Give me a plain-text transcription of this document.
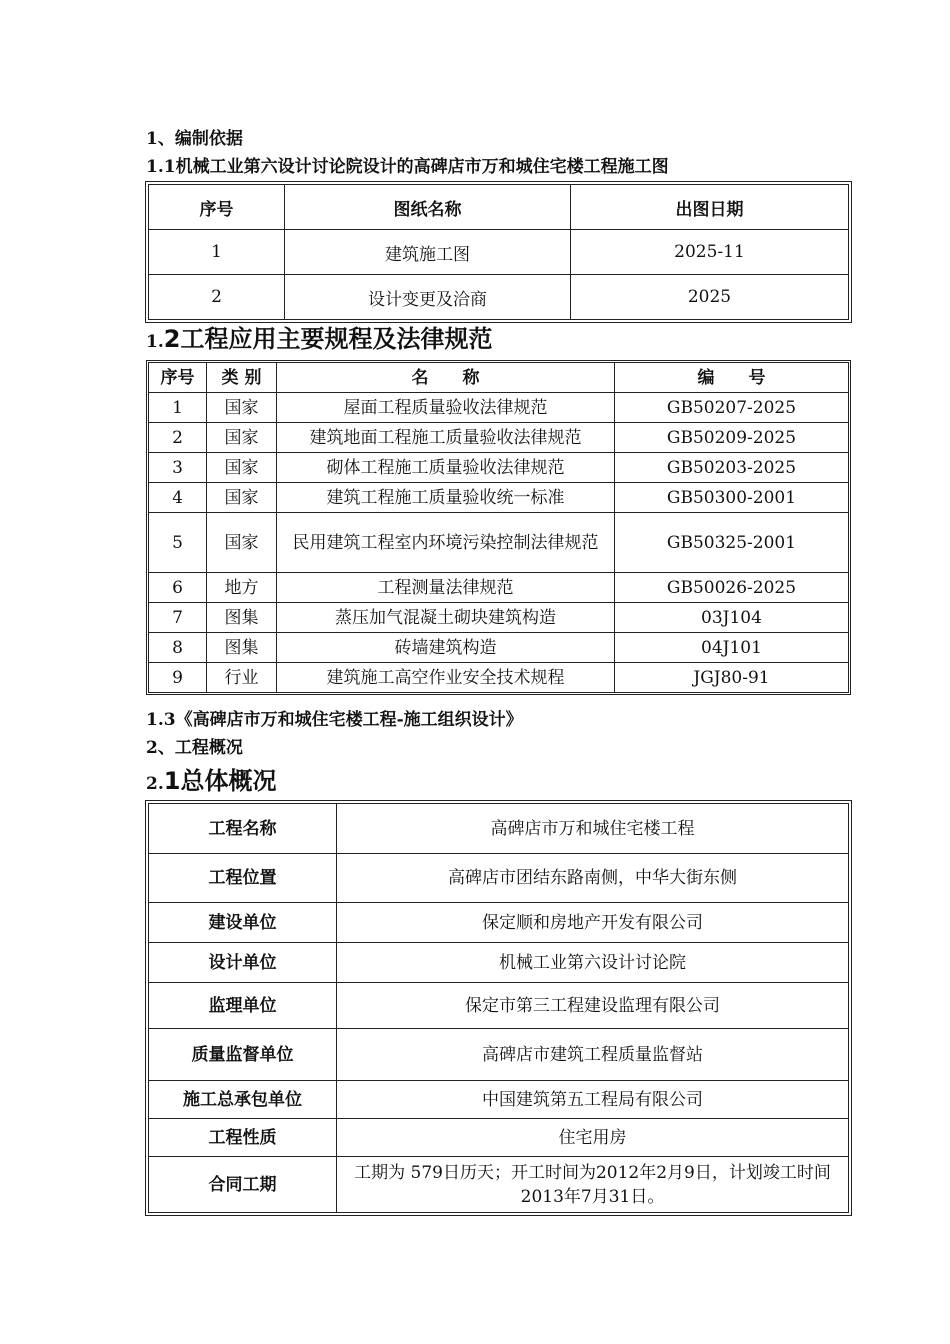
1、编制依据
1.1机械工业第六设计讨论院设计的高碑店市万和城住宅楼工程施工图
序号	图纸名称	出图日期
1	建筑施工图	2025-11
2	设计变更及洽商	2025
1.2工程应用主要规程及法律规范
序号	类 别	名　　称	编　　号
1	国家	屋面工程质量验收法律规范	GB50207-2025
2	国家	建筑地面工程施工质量验收法律规范	GB50209-2025
3	国家	砌体工程施工质量验收法律规范	GB50203-2025
4	国家	建筑工程施工质量验收统一标准	GB50300-2001
5	国家	民用建筑工程室内环境污染控制法律规范	GB50325-2001
6	地方	工程测量法律规范	GB50026-2025
7	图集	蒸压加气混凝土砌块建筑构造	03J104
8	图集	砖墙建筑构造	04J101
9	行业	建筑施工高空作业安全技术规程	JGJ80-91
1.3《高碑店市万和城住宅楼工程-施工组织设计》
2、工程概况
2.1总体概况
工程名称	高碑店市万和城住宅楼工程
工程位置	高碑店市团结东路南侧，中华大街东侧
建设单位	保定顺和房地产开发有限公司
设计单位	机械工业第六设计讨论院
监理单位	保定市第三工程建设监理有限公司
质量监督单位	高碑店市建筑工程质量监督站
施工总承包单位	中国建筑第五工程局有限公司
工程性质	住宅用房
合同工期	工期为 579日历天；开工时间为2012年2月9日，计划竣工时间2013年7月31日。
